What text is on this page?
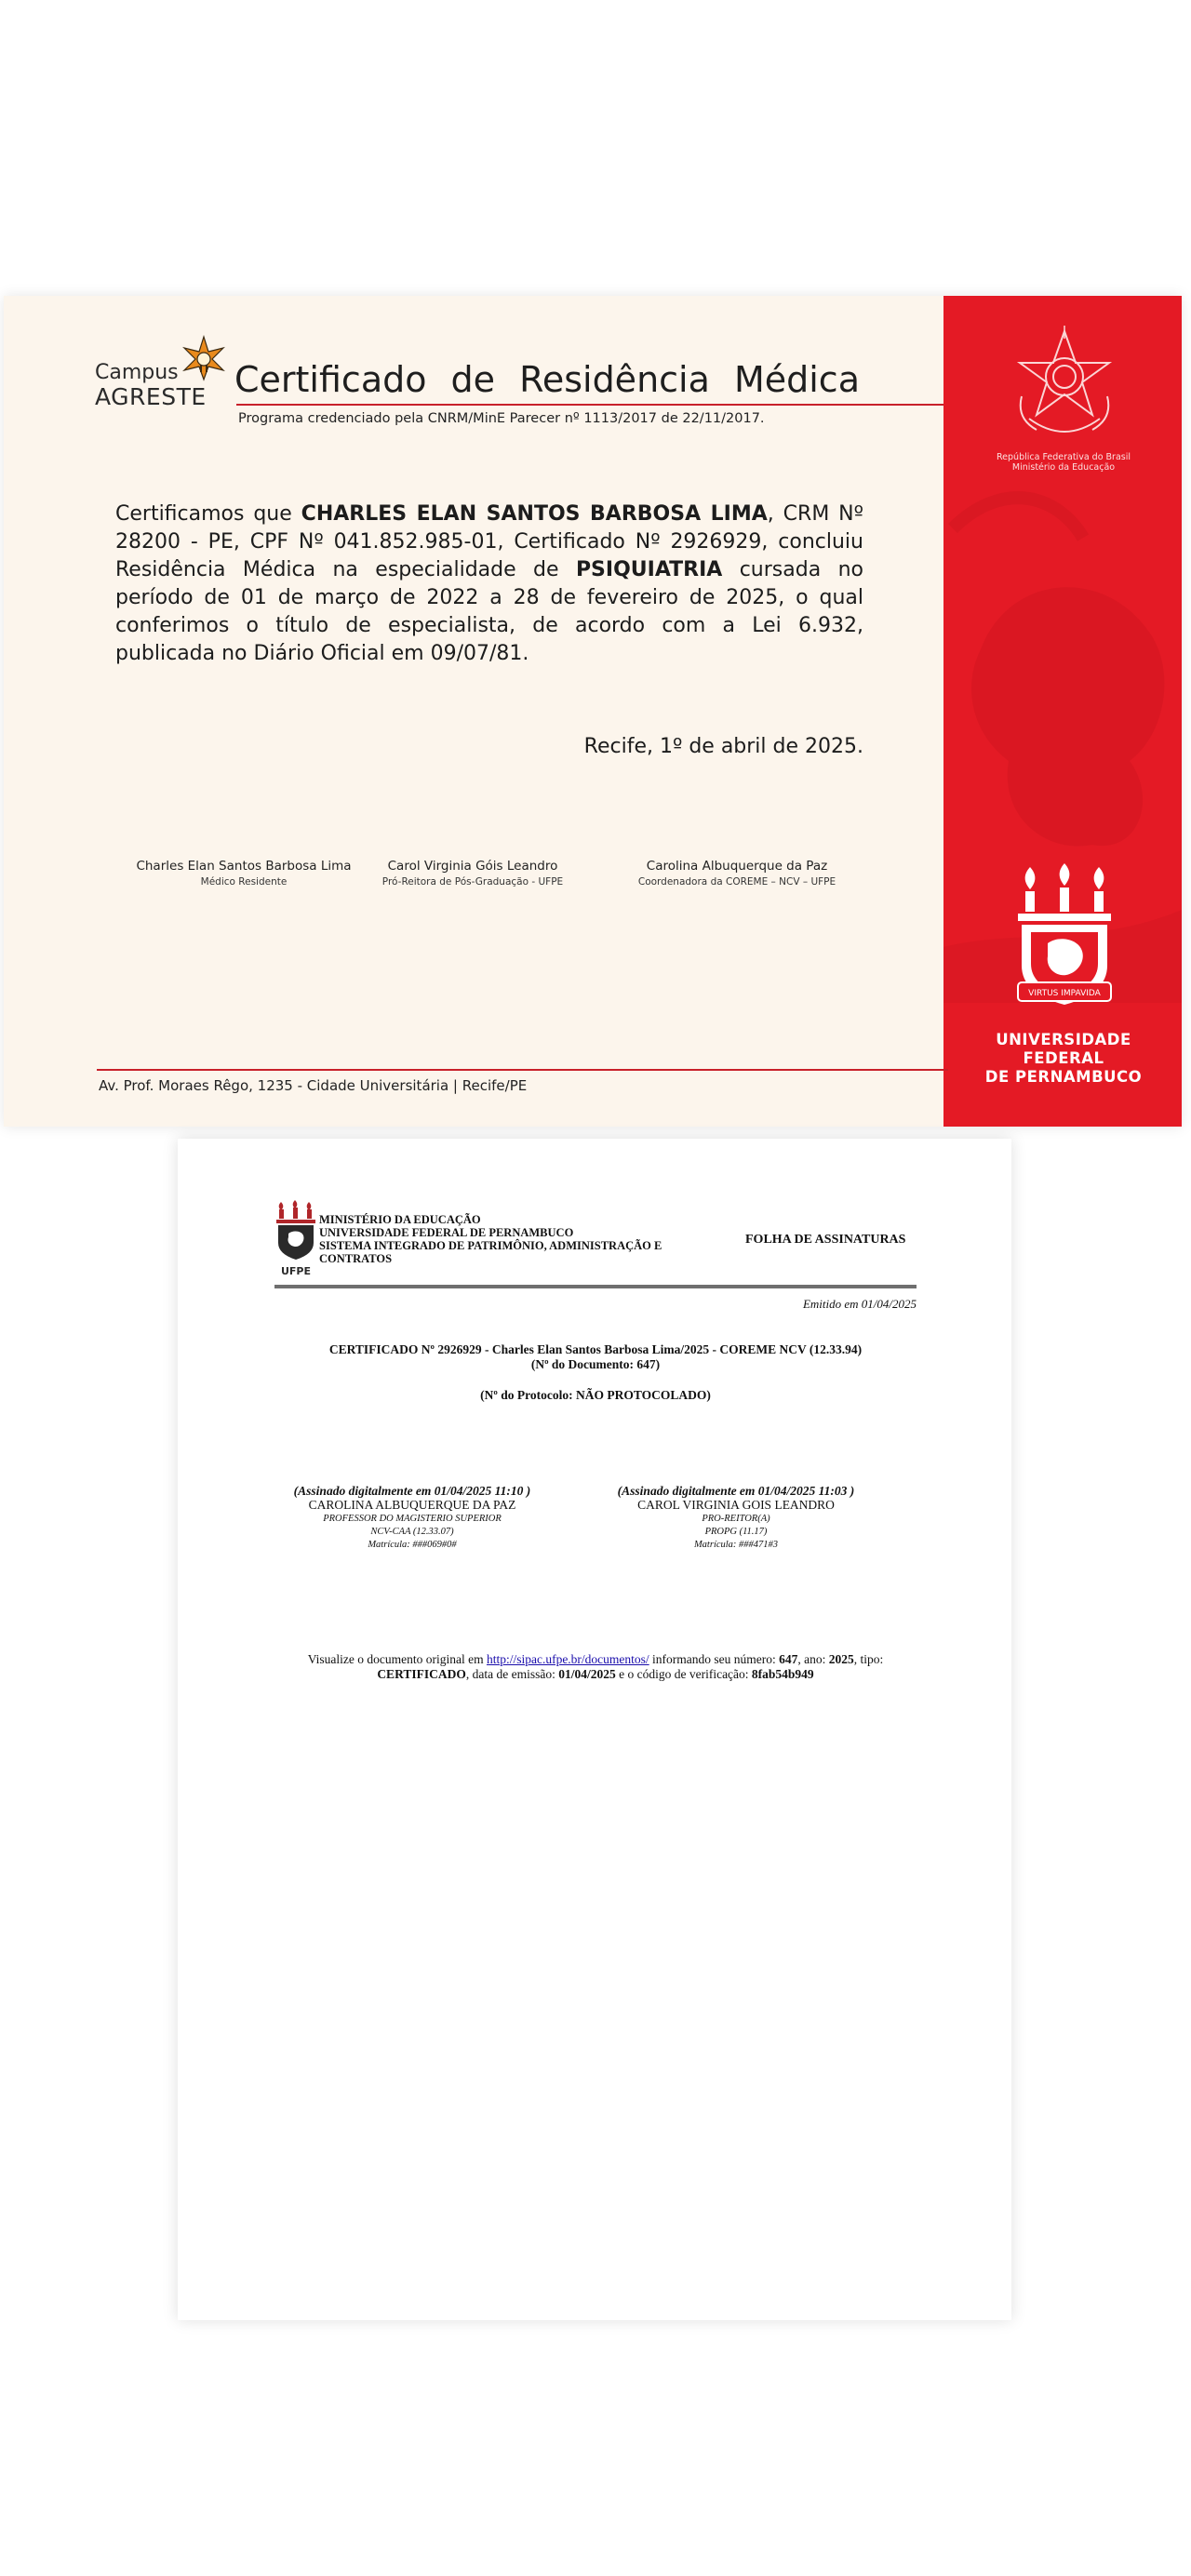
Campus
AGRESTE Certificado de Residência Médica
Programa credenciado pela CNRM/MinE Parecer nº 1113/2017 de 22/11/2017.
Certificamos que CHARLES ELAN SANTOS BARBOSA LIMA, CRM Nº 28200 - PE, CPF Nº 041.852.985-01, Certificado Nº 2926929, concluiu Residência Médica na especialidade de PSIQUIATRIA cursada no período de 01 de março de 2022 a 28 de fevereiro de 2025, o qual conferimos o título de especialista, de acordo com a Lei 6.932, publicada no Diário Oficial em 09/07/81.
Recife, 1º de abril de 2025.
Charles Elan Santos Barbosa Lima
Médico Residente
Carol Virginia Góis Leandro
Pró-Reitora de Pós-Graduação - UFPE
Carolina Albuquerque da Paz
Coordenadora da COREME – NCV – UFPE
Av. Prof. Moraes Rêgo, 1235 - Cidade Universitária | Recife/PE
República Federativa do Brasil
Ministério da Educação
VIRTUS IMPAVIDA
UNIVERSIDADE
FEDERAL
DE PERNAMBUCO
UFPE
MINISTÉRIO DA EDUCAÇÃO
UNIVERSIDADE FEDERAL DE PERNAMBUCO
SISTEMA INTEGRADO DE PATRIMÔNIO, ADMINISTRAÇÃO E
CONTRATOS
FOLHA DE ASSINATURAS
Emitido em 01/04/2025
CERTIFICADO Nº 2926929 - Charles Elan Santos Barbosa Lima/2025 - COREME NCV (12.33.94)
(Nº do Documento: 647)
(Nº do Protocolo: NÃO PROTOCOLADO)
(Assinado digitalmente em 01/04/2025 11:10 )
CAROLINA ALBUQUERQUE DA PAZ
PROFESSOR DO MAGISTERIO SUPERIOR
NCV-CAA (12.33.07)
Matrícula: ###069#0#
(Assinado digitalmente em 01/04/2025 11:03 )
CAROL VIRGINIA GOIS LEANDRO
PRO-REITOR(A)
PROPG (11.17)
Matrícula: ###471#3
Visualize o documento original em http://sipac.ufpe.br/documentos/ informando seu número: 647, ano: 2025, tipo:
CERTIFICADO, data de emissão: 01/04/2025 e o código de verificação: 8fab54b949
